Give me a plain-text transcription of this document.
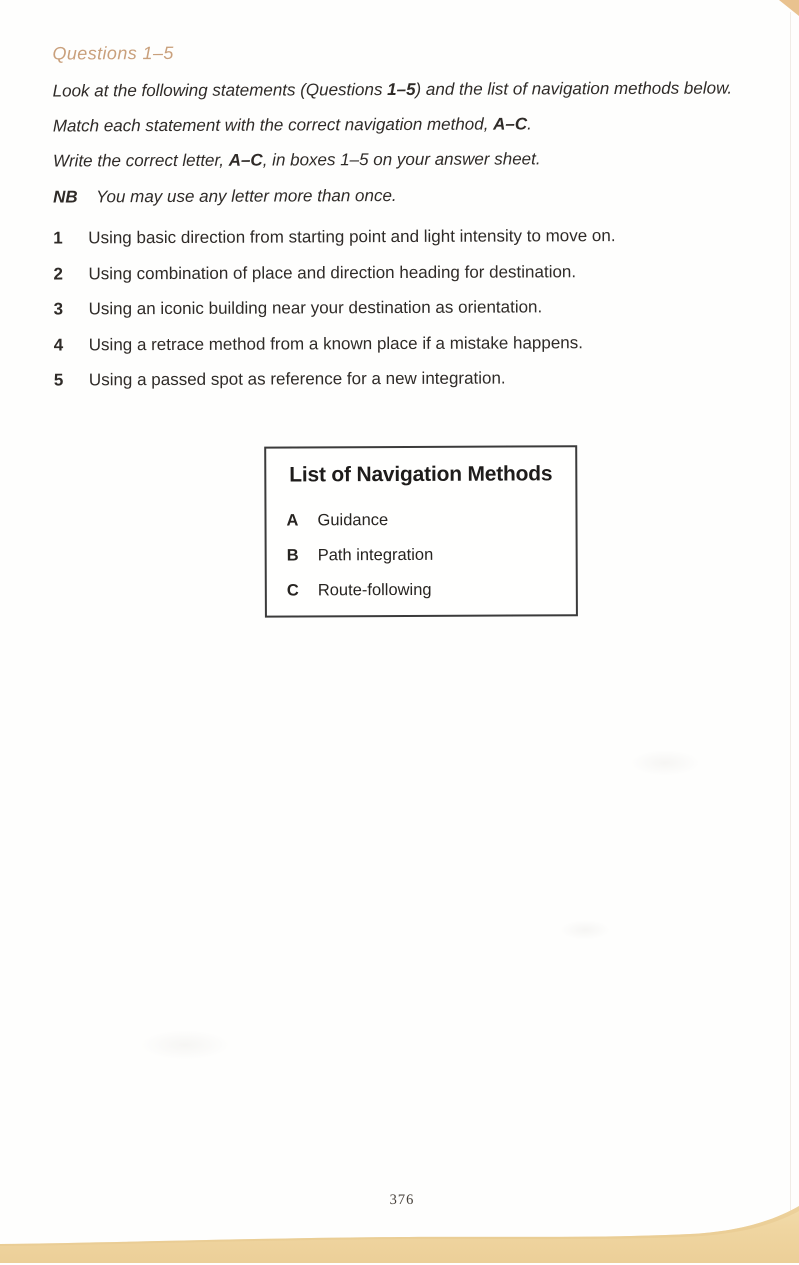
Questions 1–5

Look at the following statements (Questions 1–5) and the list of navigation methods below.

Match each statement with the correct navigation method, A–C.

Write the correct letter, A–C, in boxes 1–5 on your answer sheet.

NB You may use any letter more than once.

1	Using basic direction from starting point and light intensity to move on.
2	Using combination of place and direction heading for destination.
3	Using an iconic building near your destination as orientation.
4	Using a retrace method from a known place if a mistake happens.
5	Using a passed spot as reference for a new integration.
List of Navigation Methods
A	Guidance
B	Path integration
C	Route-following
376
